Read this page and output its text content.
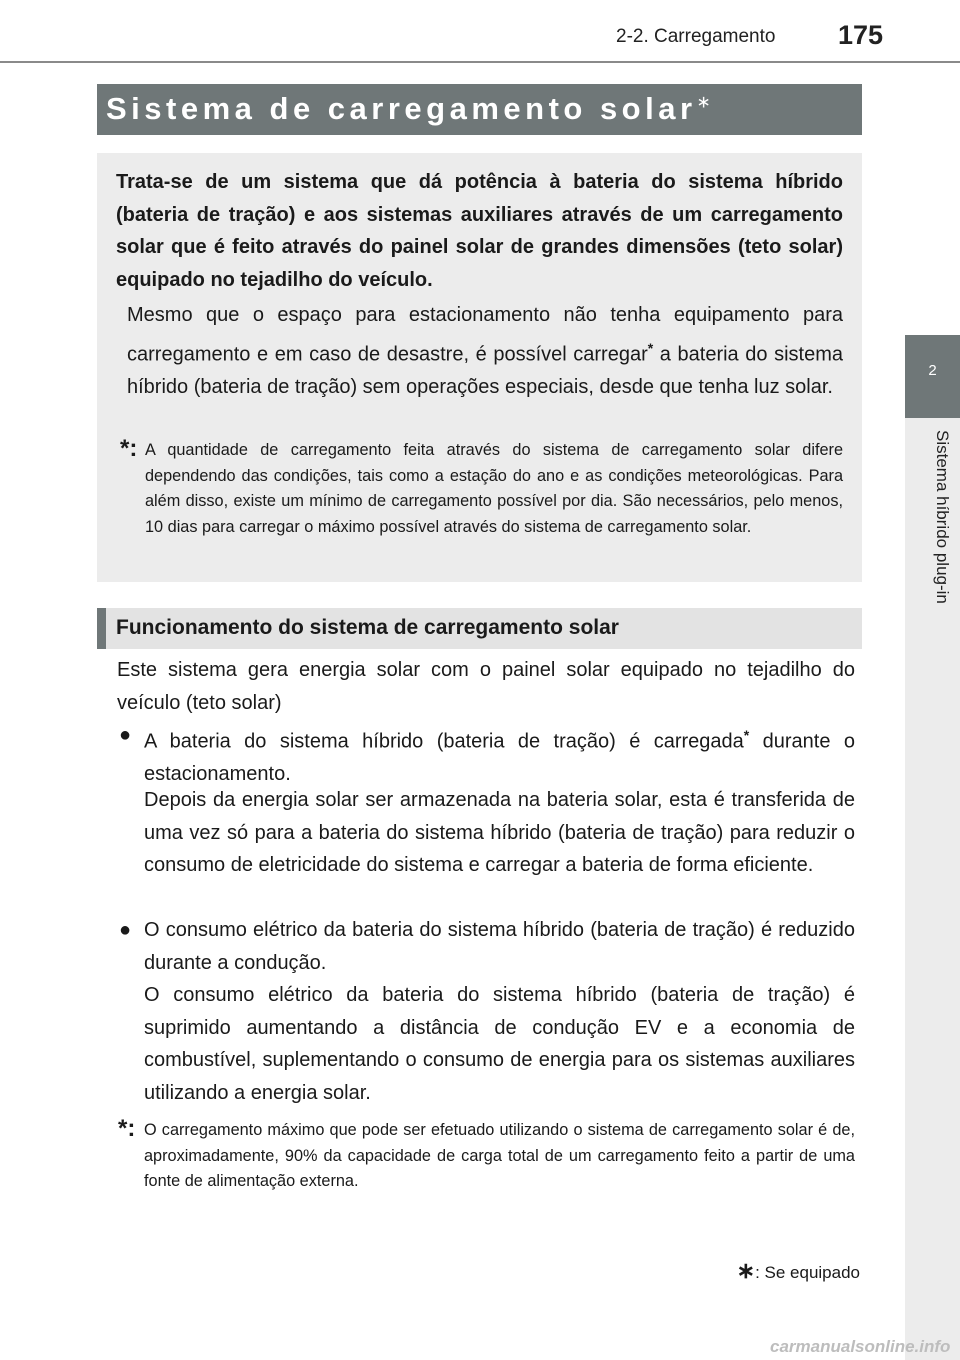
2-2. Carregamento 175
2
Sistema híbrido plug-in
Sistema de carregamento solar∗
Trata-se de um sistema que dá potência à bateria do sistema híbrido (bateria de tração) e aos sistemas auxiliares através de um carregamento solar que é feito através do painel solar de grandes dimensões (teto solar) equipado no tejadilho do veículo.
Mesmo que o espaço para estacionamento não tenha equipamento para carregamento e em caso de desastre, é possível carregar* a bateria do sistema híbrido (bateria de tração) sem operações especiais, desde que tenha luz solar.
*: A quantidade de carregamento feita através do sistema de carregamento solar difere dependendo das condições, tais como a estação do ano e as condições meteorológicas. Para além disso, existe um mínimo de carregamento possível por dia. São necessários, pelo menos, 10 dias para carregar o máximo possível através do sistema de carregamento solar.
Funcionamento do sistema de carregamento solar
Este sistema gera energia solar com o painel solar equipado no tejadilho do veículo (teto solar)
● A bateria do sistema híbrido (bateria de tração) é carregada* durante o estacionamento.
Depois da energia solar ser armazenada na bateria solar, esta é transferida de uma vez só para a bateria do sistema híbrido (bateria de tração) para reduzir o consumo de eletricidade do sistema e carregar a bateria de forma eficiente.
● O consumo elétrico da bateria do sistema híbrido (bateria de tração) é reduzido durante a condução.
O consumo elétrico da bateria do sistema híbrido (bateria de tração) é suprimido aumentando a distância de condução EV e a economia de combustível, suplementando o consumo de energia para os sistemas auxiliares utilizando a energia solar.
*: O carregamento máximo que pode ser efetuado utilizando o sistema de carregamento solar é de, aproximadamente, 90% da capacidade de carga total de um carregamento feito a partir de uma fonte de alimentação externa.
∗: Se equipado
carmanualsonline.info
